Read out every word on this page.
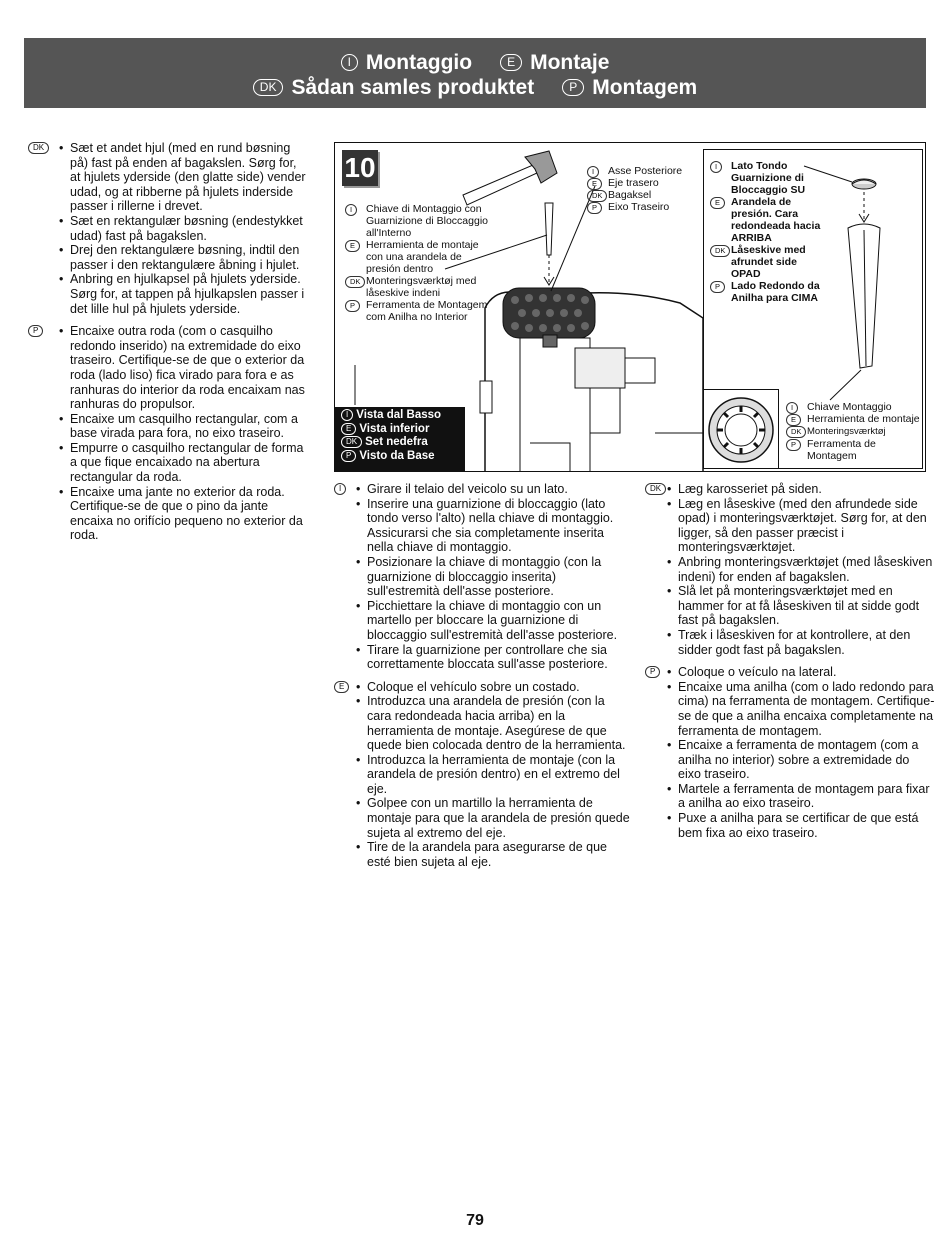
I Montaggio	E Montaje
DK Sådan samles produktet	P Montagem
DK	• Sæt et andet hjul (med en rund bøsning på) fast på enden af bagakslen. Sørg for, at hjulets yderside (den glatte side) vender udad, og at ribberne på hjulets inderside passer i rillerne i drevet.
• Sæt en rektangulær bøsning (endestykket udad) fast på bagakslen.
• Drej den rektangulære bøsning, indtil den passer i den rektangulære åbning i hjulet.
• Anbring en hjulkapsel på hjulets yderside. Sørg for, at tappen på hjulkapslen passer i det lille hul på hjulets yderside.
P	• Encaixe outra roda (com o casquilho redondo inserido) na extremidade do eixo traseiro. Certifique-se de que o exterior da roda (lado liso) fica virado para fora e as ranhuras do interior da roda encaixam nas ranhuras do propulsor.
• Encaixe um casquilho rectangular, com a base virada para fora, no eixo traseiro.
• Empurre o casquilho rectangular de forma a que fique encaixado na abertura rectangular da roda.
• Encaixe uma jante no exterior da roda. Certifique-se de que o pino da jante encaixa no orifício pequeno no exterior da roda.
10
I	Chiave di Montaggio con Guarnizione di Bloccaggio all'Interno
E	Herramienta de montaje con una arandela de presión dentro
DK Monteringsværktøj med låseskive indeni
P	Ferramenta de Montagem com Anilha no Interior
I	Asse Posteriore
E	Eje trasero
DK Bagaksel
P	Eixo Traseiro
I Vista dal Basso
E Vista inferior
DK Set nedefra
P Visto da Base
I	Lato Tondo Guarnizione di Bloccaggio SU
E	Arandela de presión. Cara redondeada hacia ARRIBA
DK Låseskive med afrundet side OPAD
P	Lado Redondo da Anilha para CIMA
I	Chiave Montaggio
E	Herramienta de montaje
DK Monteringsværktøj
P	Ferramenta de Montagem
I	• Girare il telaio del veicolo su un lato.
• Inserire una guarnizione di bloccaggio (lato tondo verso l'alto) nella chiave di montaggio. Assicurarsi che sia completamente inserita nella chiave di montaggio.
• Posizionare la chiave di montaggio (con la guarnizione di bloccaggio inserita) sull'estremità dell'asse posteriore.
• Picchiettare la chiave di montaggio con un martello per bloccare la guarnizione di bloccaggio sull'estremità dell'asse posteriore.
• Tirare la guarnizione per controllare che sia correttamente bloccata sull'asse posteriore.
E	• Coloque el vehículo sobre un costado.
• Introduzca una arandela de presión (con la cara redondeada hacia arriba) en la herramienta de montaje. Asegúrese de que quede bien colocada dentro de la herramienta.
• Introduzca la herramienta de montaje (con la arandela de presión dentro) en el extremo del eje.
• Golpee con un martillo la herramienta de montaje para que la arandela de presión quede sujeta al extremo del eje.
• Tire de la arandela para asegurarse de que esté bien sujeta al eje.
DK	• Læg karosseriet på siden.
• Læg en låseskive (med den afrundede side opad) i monteringsværktøjet. Sørg for, at den ligger, så den passer præcist i monteringsværktøjet.
• Anbring monteringsværktøjet (med låseskiven indeni) for enden af bagakslen.
• Slå let på monteringsværktøjet med en hammer for at få låseskiven til at sidde godt fast på bagakslen.
• Træk i låseskiven for at kontrollere, at den sidder godt fast på bagakslen.
P	• Coloque o veículo na lateral.
• Encaixe uma anilha (com o lado redondo para cima) na ferramenta de montagem. Certifique-se de que a anilha encaixa completamente na ferramenta de montagem.
• Encaixe a ferramenta de montagem (com a anilha no interior) sobre a extremidade do eixo traseiro.
• Martele a ferramenta de montagem para fixar a anilha ao eixo traseiro.
• Puxe a anilha para se certificar de que está bem fixa ao eixo traseiro.
79
